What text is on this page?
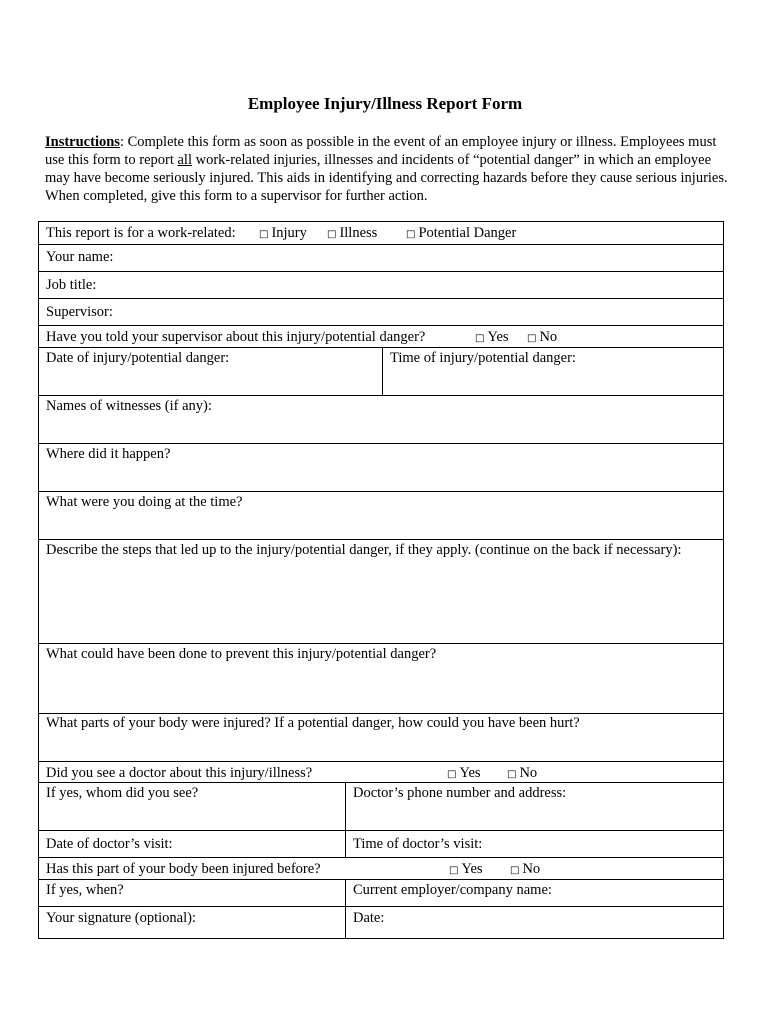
Employee Injury/Illness Report Form
Instructions: Complete this form as soon as possible in the event of an employee injury or illness. Employees must use this form to report all work-related injuries, illnesses and incidents of “potential danger” in which an employee may have become seriously injured. This aids in identifying and correcting hazards before they cause serious injuries. When completed, give this form to a supervisor for further action.
This report is for a work-related: □ Injury □ Illness	□ Potential Danger
Your name:
Job title:
Supervisor:
Have you told your supervisor about this injury/potential danger?	□ Yes □ No
Date of injury/potential danger:	Time of injury/potential danger:
Names of witnesses (if any):
Where did it happen?
What were you doing at the time?
Describe the steps that led up to the injury/potential danger, if they apply. (continue on the back if necessary):
What could have been done to prevent this injury/potential danger?
What parts of your body were injured? If a potential danger, how could you have been hurt?
Did you see a doctor about this injury/illness?	□ Yes	□ No
If yes, whom did you see?	Doctor’s phone number and address:
Date of doctor’s visit:	Time of doctor’s visit:
Has this part of your body been injured before?	□ Yes	□ No
If yes, when?	Current employer/company name:
Your signature (optional):	Date:
